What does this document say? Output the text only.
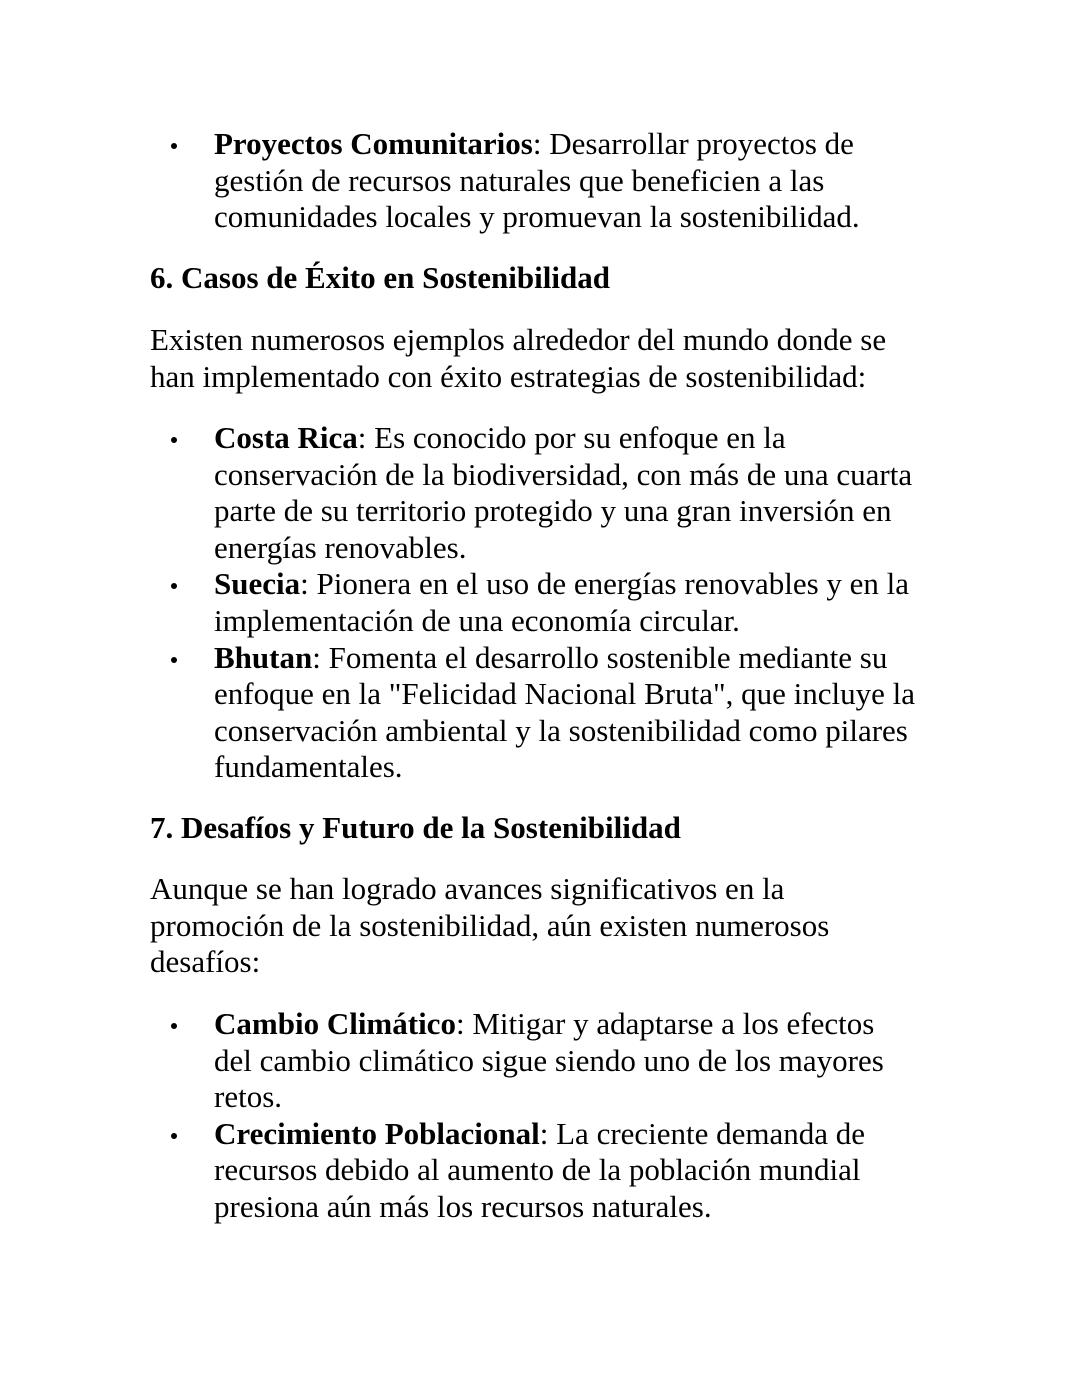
Proyectos Comunitarios: Desarrollar proyectos de gestión de recursos naturales que beneficien a las comunidades locales y promuevan la sostenibilidad.
6. Casos de Éxito en Sostenibilidad

Existen numerosos ejemplos alrededor del mundo donde se han implementado con éxito estrategias de sostenibilidad:

Costa Rica: Es conocido por su enfoque en la conservación de la biodiversidad, con más de una cuarta parte de su territorio protegido y una gran inversión en energías renovables.
Suecia: Pionera en el uso de energías renovables y en la implementación de una economía circular.
Bhutan: Fomenta el desarrollo sostenible mediante su enfoque en la "Felicidad Nacional Bruta", que incluye la conservación ambiental y la sostenibilidad como pilares fundamentales.
7. Desafíos y Futuro de la Sostenibilidad

Aunque se han logrado avances significativos en la promoción de la sostenibilidad, aún existen numerosos desafíos:

Cambio Climático: Mitigar y adaptarse a los efectos del cambio climático sigue siendo uno de los mayores retos.
Crecimiento Poblacional: La creciente demanda de recursos debido al aumento de la población mundial presiona aún más los recursos naturales.
